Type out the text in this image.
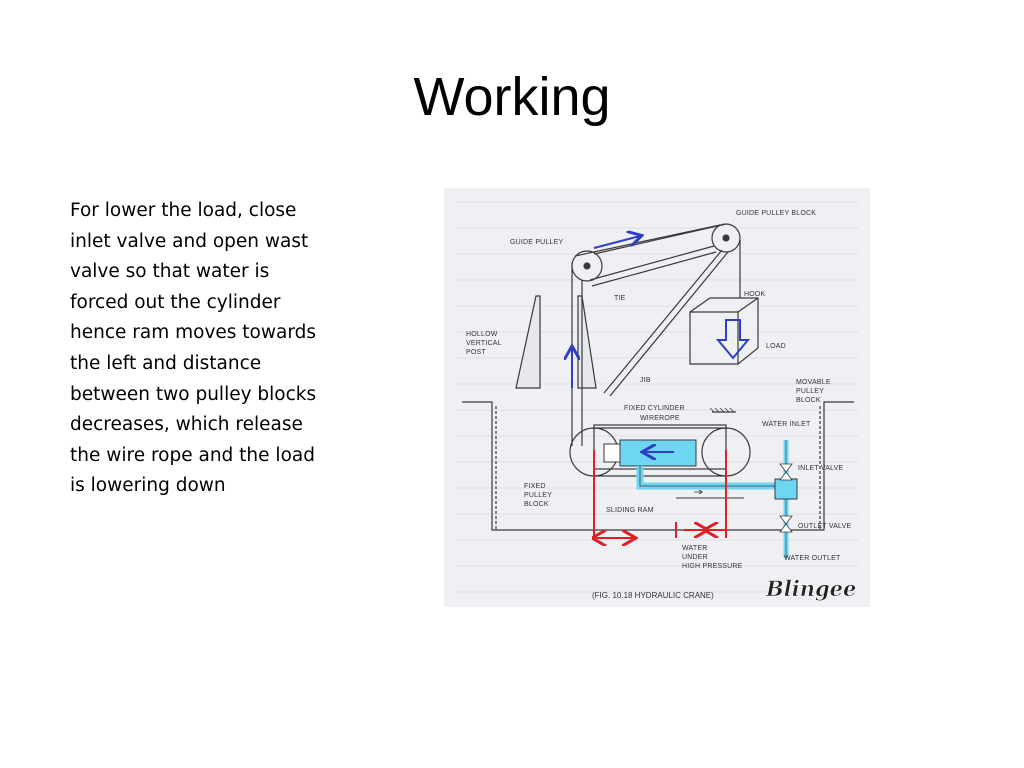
Working
For lower the load, close
inlet valve and open wast
valve so that water is
forced out the cylinder
hence ram moves towards
the left and distance
between two pulley blocks
decreases, which release
the wire rope and the load
is lowering down
GUIDE PULLEY BLOCK
GUIDE PULLEY
HOOK
TIE
HOLLOW
VERTICAL
POST
LOAD
JIB	MOVABLE
PULLEY
BLOCK
FIXED CYLINDER
WIREROPE
WATER INLET
INLET VALVE
FIXED
PULLEY
BLOCK
SLIDING RAM
OUTLET VALVE
WATER
UNDER
HIGH PRESSURE
WATER OUTLET
(FIG. 10.18 HYDRAULIC CRANE) Blingee
